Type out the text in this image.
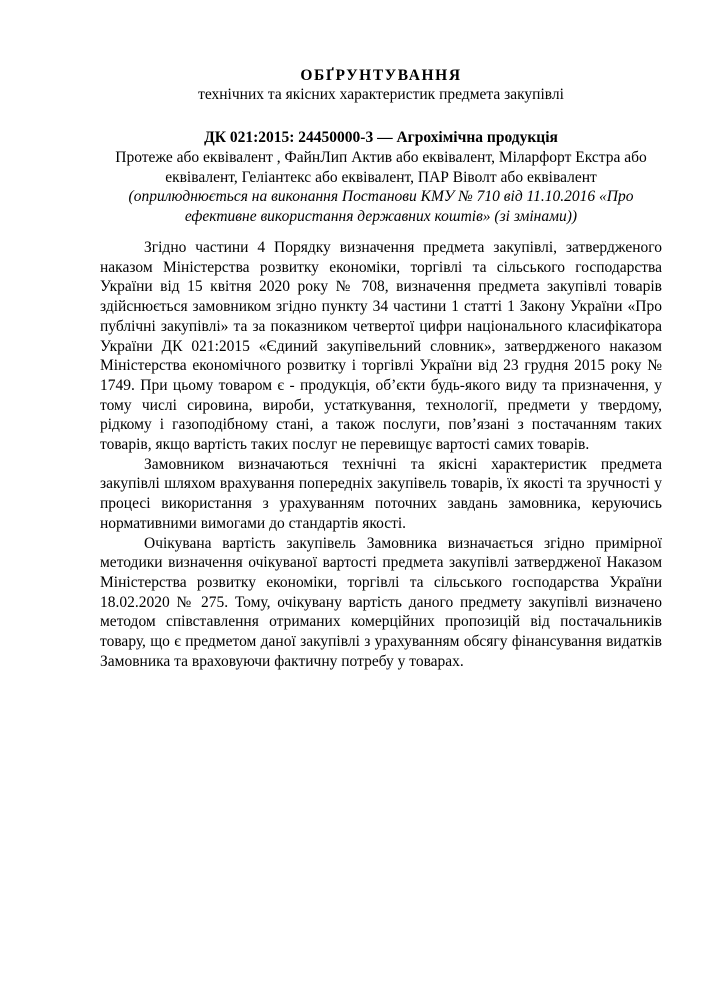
ОБҐРУНТУВАННЯ

технічних та якісних характеристик предмета закупівлі

ДК 021:2015: 24450000-3 — Агрохімічна продукція

Протеже або еквівалент , ФайнЛип Актив або еквівалент, Міларфорт Екстра або еквівалент, Геліантекс або еквівалент, ПАР Віволт або еквівалент

(оприлюднюється на виконання Постанови КМУ № 710 від 11.10.2016 «Про ефективне використання державних коштів» (зі змінами))

Згідно частини 4 Порядку визначення предмета закупівлі, затвердженого наказом Міністерства розвитку економіки, торгівлі та сільського господарства України від 15 квітня 2020 року № 708, визначення предмета закупівлі товарів здійснюється замовником згідно пункту 34 частини 1 статті 1 Закону України «Про публічні закупівлі» та за показником четвертої цифри національного класифікатора України ДК 021:2015 «Єдиний закупівельний словник», затвердженого наказом Міністерства економічного розвитку і торгівлі України від 23 грудня 2015 року № 1749. При цьому товаром є - продукція, об’єкти будь-якого виду та призначення, у тому числі сировина, вироби, устаткування, технології, предмети у твердому, рідкому і газоподібному стані, а також послуги, пов’язані з постачанням таких товарів, якщо вартість таких послуг не перевищує вартості самих товарів.

Замовником визначаються технічні та якісні характеристик предмета закупівлі шляхом врахування попередніх закупівель товарів, їх якості та зручності у процесі використання з урахуванням поточних завдань замовника, керуючись нормативними вимогами до стандартів якості.

Очікувана вартість закупівель Замовника визначається згідно примірної методики визначення очікуваної вартості предмета закупівлі затвердженої Наказом Міністерства розвитку економіки, торгівлі та сільського господарства України 18.02.2020 № 275. Тому, очікувану вартість даного предмету закупівлі визначено методом співставлення отриманих комерційних пропозицій від постачальників товару, що є предметом даної закупівлі з урахуванням обсягу фінансування видатків Замовника та враховуючи фактичну потребу у товарах.
